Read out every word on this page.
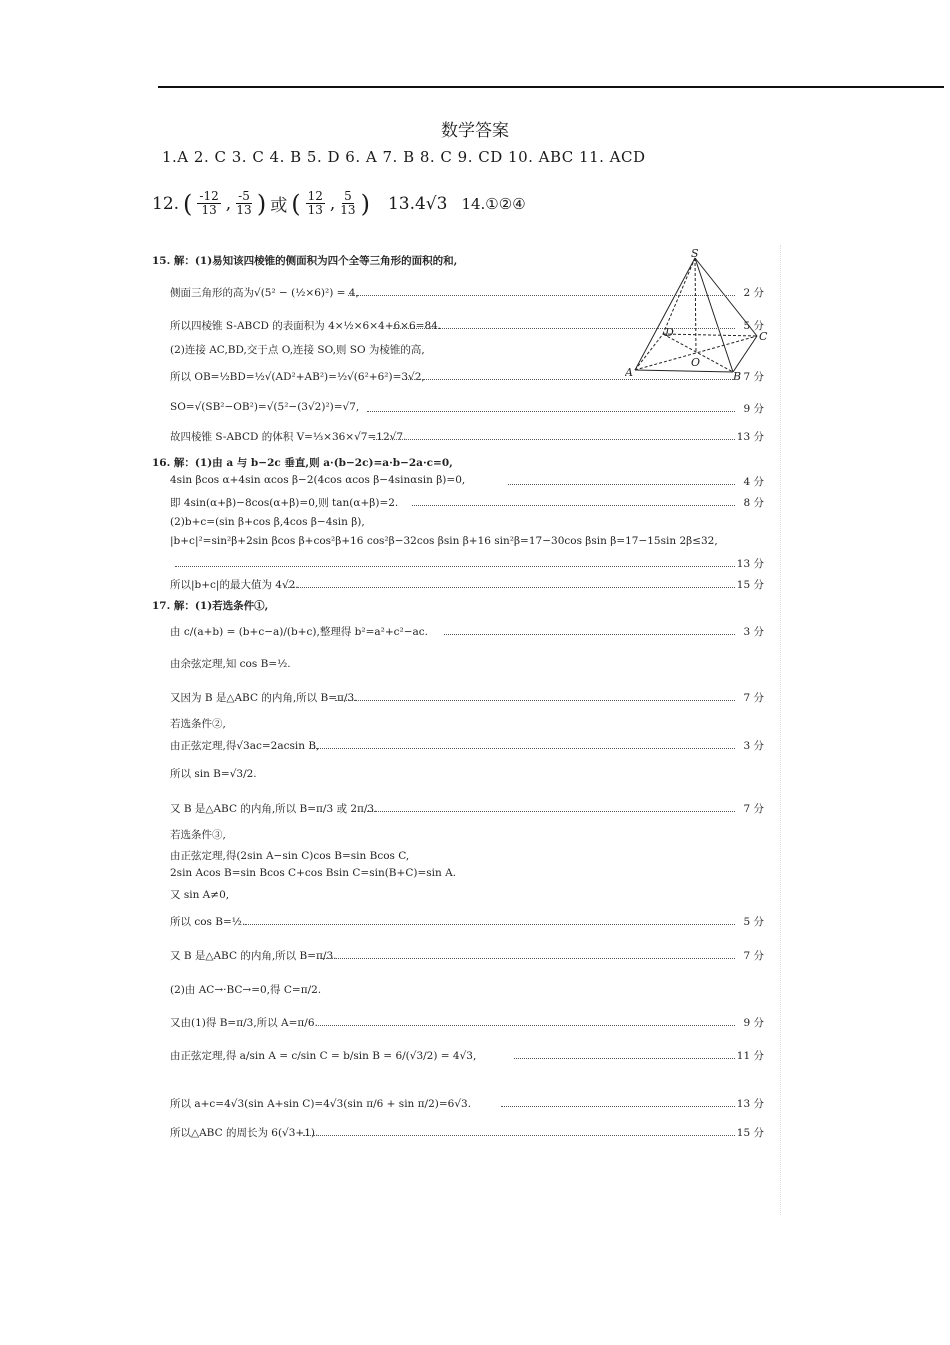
数学答案
1.A 2. C 3. C 4. B 5. D 6. A 7. B 8. C 9. CD 10. ABC 11. ACD
12. ( $\frac{-12}{13}$ , $\frac{-5}{13}$ ) 或 ( $\frac{12}{13}$ , $\frac{5}{13}$ ) 13.4√3 14.①②④
S
D	C
O
A	B
15. 解：(1)易知该四棱锥的侧面积为四个全等三角形的面积的和,
侧面三角形的高为√(5² − (½×6)²) = 4,	2 分
所以四棱锥 S-ABCD 的表面积为 4×½×6×4+6×6=84.	5 分
(2)连接 AC,BD,交于点 O,连接 SO,则 SO 为棱锥的高,
所以 OB=½BD=½√(AD²+AB²)=½√(6²+6²)=3√2,	7 分
SO=√(SB²−OB²)=√(5²−(3√2)²)=√7,	9 分
故四棱锥 S-ABCD 的体积 V=⅓×36×√7=12√7.	13 分
16. 解：(1)由 a 与 b−2c 垂直,则 a·(b−2c)=a·b−2a·c=0,
4sin βcos α+4sin αcos β−2(4cos αcos β−4sinαsin β)=0,	4 分
即 4sin(α+β)−8cos(α+β)=0,则 tan(α+β)=2.	8 分
(2)b+c=(sin β+cos β,4cos β−4sin β),
|b+c|²=sin²β+2sin βcos β+cos²β+16 cos²β−32cos βsin β+16 sin²β=17−30cos βsin β=17−15sin 2β≤32,
13 分
所以|b+c|的最大值为 4√2.	15 分
17. 解：(1)若选条件①,
由 c/(a+b) = (b+c−a)/(b+c),整理得 b²=a²+c²−ac.	3 分
由余弦定理,知 cos B=½.
又因为 B 是△ABC 的内角,所以 B=π/3.	7 分
若选条件②,
由正弦定理,得√3ac=2acsin B,	3 分
所以 sin B=√3/2.
又 B 是△ABC 的内角,所以 B=π/3 或 2π/3.	7 分
若选条件③,
由正弦定理,得(2sin A−sin C)cos B=sin Bcos C,
2sin Acos B=sin Bcos C+cos Bsin C=sin(B+C)=sin A.
又 sin A≠0,
所以 cos B=½.	5 分
又 B 是△ABC 的内角,所以 B=π/3.	7 分
(2)由 AC→·BC→=0,得 C=π/2.
又由(1)得 B=π/3,所以 A=π/6.	9 分
由正弦定理,得 a/sin A = c/sin C = b/sin B = 6/(√3/2) = 4√3,	11 分
所以 a+c=4√3(sin A+sin C)=4√3(sin π/6 + sin π/2)=6√3.	13 分
所以△ABC 的周长为 6(√3+1).	15 分
